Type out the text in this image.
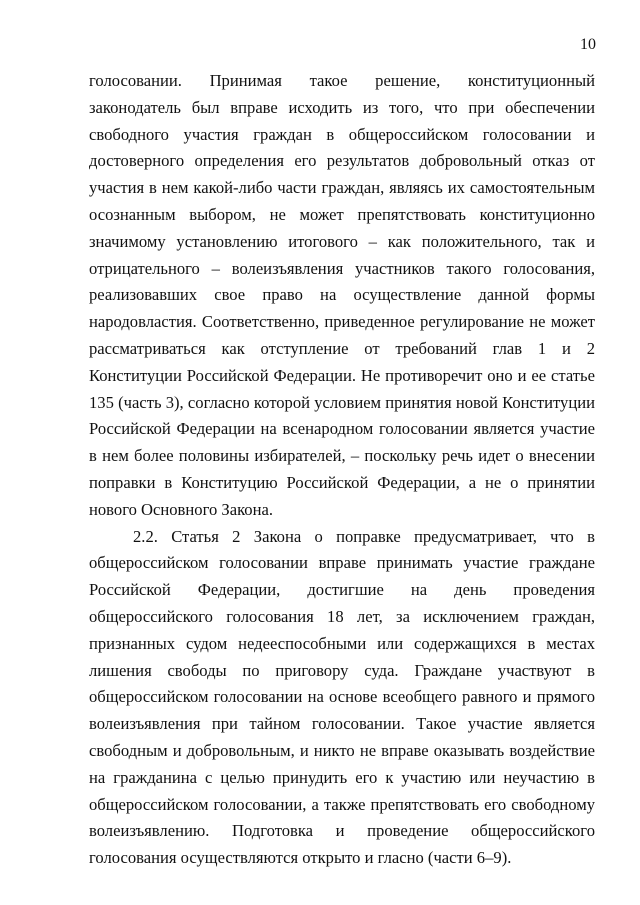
10

голосовании. Принимая такое решение, конституционный законодатель был вправе исходить из того, что при обеспечении свободного участия граждан в общероссийском голосовании и достоверного определения его результатов добровольный отказ от участия в нем какой-либо части граждан, являясь их самостоятельным осознанным выбором, не может препятствовать конституционно значимому установлению итогового – как положительного, так и отрицательного – волеизъявления участников такого голосования, реализовавших свое право на осуществление данной формы народовластия. Соответственно, приведенное регулирование не может рассматриваться как отступление от требований глав 1 и 2 Конституции Российской Федерации. Не противоречит оно и ее статье 135 (часть 3), согласно которой условием принятия новой Конституции Российской Федерации на всенародном голосовании является участие в нем более половины избирателей, – поскольку речь идет о внесении поправки в Конституцию Российской Федерации, а не о принятии нового Основного Закона.

2.2. Статья 2 Закона о поправке предусматривает, что в общероссийском голосовании вправе принимать участие граждане Российской Федерации, достигшие на день проведения общероссийского голосования 18 лет, за исключением граждан, признанных судом недееспособными или содержащихся в местах лишения свободы по приговору суда. Граждане участвуют в общероссийском голосовании на основе всеобщего равного и прямого волеизъявления при тайном голосовании. Такое участие является свободным и добровольным, и никто не вправе оказывать воздействие на гражданина с целью принудить его к участию или неучастию в общероссийском голосовании, а также препятствовать его свободному волеизъявлению. Подготовка и проведение общероссийского голосования осуществляются открыто и гласно (части 6–9).
